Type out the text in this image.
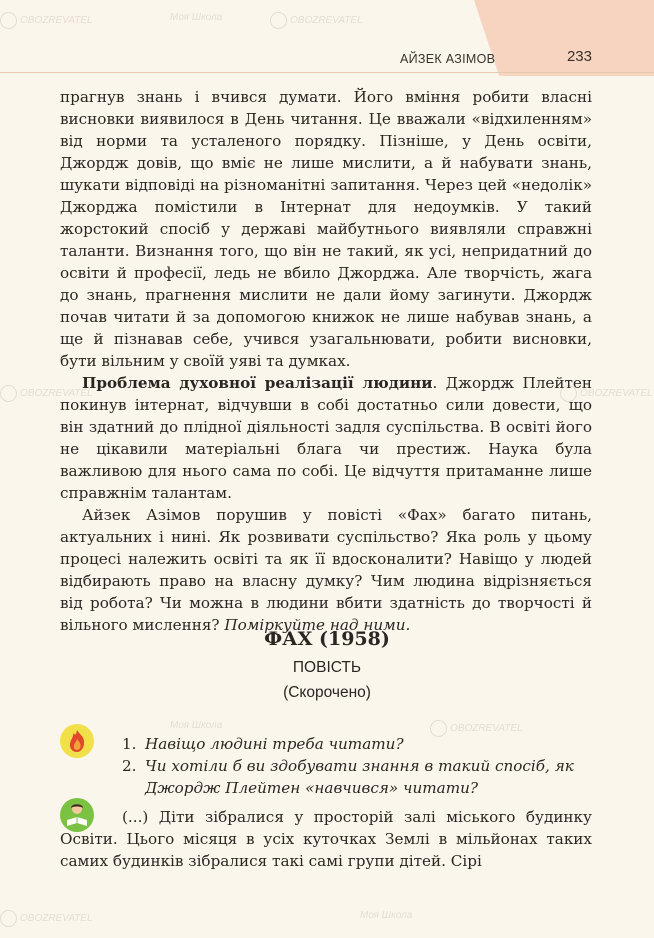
OBOZREVATEL	Моя Школа	OBOZREVATEL
OBOZREVATEL	OBOZREVATEL
Моя Школа	OBOZREVATEL
OBOZREVATEL	Моя Школа
АЙЗЕК АЗІМОВ	233

прагнув знань і вчився думати. Його вміння робити власні висновки виявилося в День читання. Це вважали «відхиленням» від норми та усталеного порядку. Пізніше, у День освіти, Джордж довів, що вміє не лише мислити, а й набувати знань, шукати відповіді на різноманітні запитання. Через цей «недолік» Джорджа помістили в Інтернат для недоумків. У такий жорстокий спосіб у державі майбутнього виявляли справжні таланти. Визнання того, що він не такий, як усі, непридатний до освіти й професії, ледь не вбило Джорджа. Але творчість, жага до знань, прагнення мислити не дали йому загинути. Джордж почав читати й за допомогою книжок не лише набував знань, а ще й пізнавав себе, учився узагальнювати, робити висновки, бути вільним у своїй уяві та думках.

Проблема духовної реалізації людини. Джордж Плейтен покинув інтернат, відчувши в собі достатньо сили довести, що він здатний до плідної діяльності задля суспільства. В освіті його не цікавили матеріальні блага чи престиж. Наука була важливою для нього сама по собі. Це відчуття притаманне лише справжнім талантам.

Айзек Азімов порушив у повісті «Фах» багато питань, актуальних і нині. Як розвивати суспільство? Яка роль у цьому процесі належить освіті та як її вдосконалити? Навіщо у людей відбирають право на власну думку? Чим людина відрізняється від робота? Чи можна в людини вбити здатність до творчості й вільного мислення? Поміркуйте над ними.

ФАХ (1958)
ПОВІСТЬ
(Скорочено)
1. Навіщо людині треба читати?
2. Чи хотіли б ви здобувати знання в такий спосіб, як Джордж Плейтен «навчився» читати?

(...) Діти зібралися у просторій залі міського будинку Освіти. Цього місяця в усіх куточках Землі в мільйонах таких самих будинків зібралися такі самі групи дітей. Сірі
